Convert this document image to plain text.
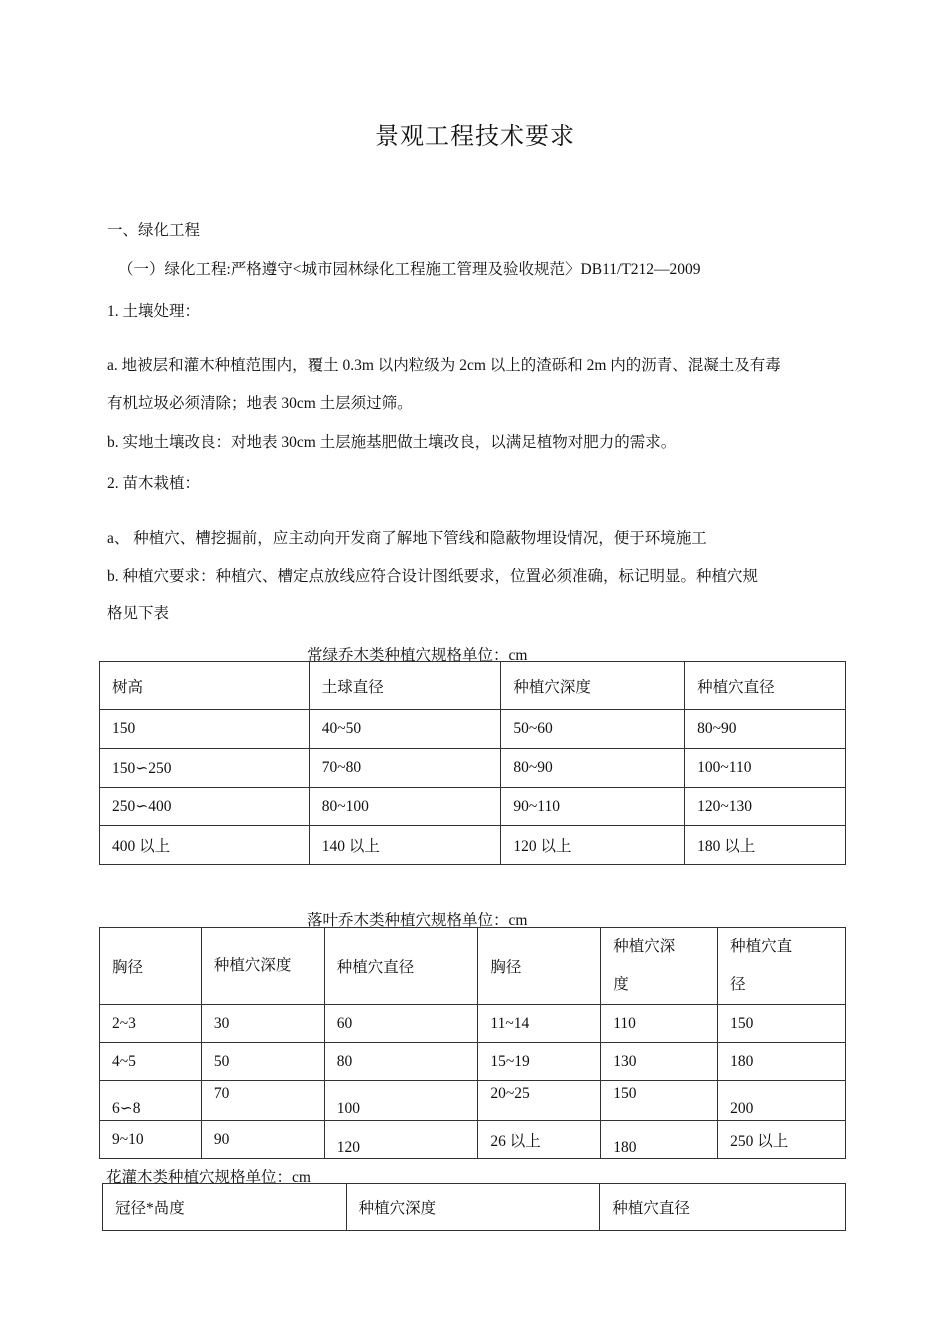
景观工程技术要求
一、绿化工程
（一）绿化工程:严格遵守<城市园林绿化工程施工管理及验收规范〉DB11/T212—2009
1. 土壤处理：
a. 地被层和灌木种植范围内，覆土 0.3m 以内粒级为 2cm 以上的渣砾和 2m 内的沥青、混凝土及有毒
有机垃圾必须清除；地表 30cm 土层须过筛。
b. 实地土壤改良：对地表 30cm 土层施基肥做土壤改良，以满足植物对肥力的需求。
2. 苗木栽植：
a、 种植穴、槽挖掘前，应主动向开发商了解地下管线和隐蔽物埋设情况，便于环境施工
b. 种植穴要求：种植穴、槽定点放线应符合设计图纸要求，位置必须准确，标记明显。种植穴规
格见下表
常绿乔木类种植穴规格单位：cm
树高	土球直径	种植穴深度	种植穴直径
150	40~50	50~60	80~90
150∽250	70~80	80~90	100~110
250∽400	80~100	90~110	120~130
400 以上	140 以上	120 以上	180 以上
落叶乔木类种植穴规格单位：cm
胸径	种植穴深度	种植穴直径	胸径	种植穴深度	种植穴直径
2~3	30	60	11~14	110	150
4~5	50	80	15~19	130	180
6∽8	70	100	20~25	150	200
9~10	90	120	26 以上	180	250 以上
花灌木类种植穴规格单位：cm
冠径*咼度	种植穴深度	种植穴直径
